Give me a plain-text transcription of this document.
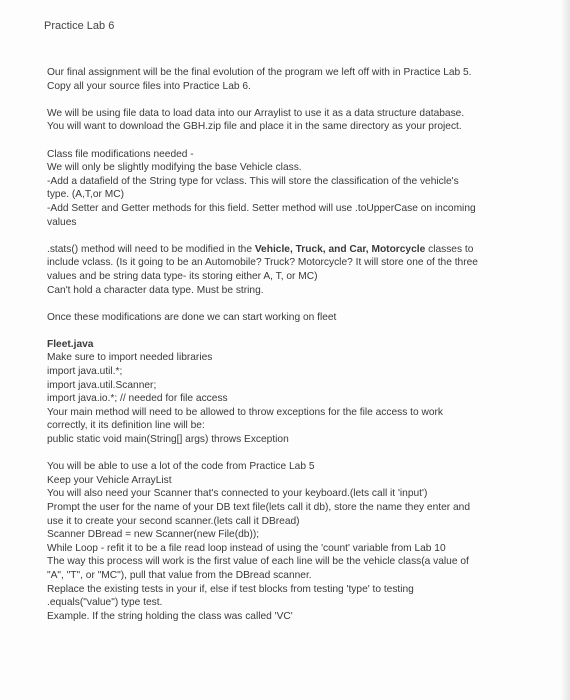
Practice Lab 6

Our final assignment will be the final evolution of the program we left off with in Practice Lab 5.
Copy all your source files into Practice Lab 6.

We will be using file data to load data into our Arraylist to use it as a data structure database.
You will want to download the GBH.zip file and place it in the same directory as your project.

Class file modifications needed -
We will only be slightly modifying the base Vehicle class.
-Add a datafield of the String type for vclass. This will store the classification of the vehicle's
type. (A,T,or MC)
-Add Setter and Getter methods for this field. Setter method will use .toUpperCase on incoming
values

.stats() method will need to be modified in the Vehicle, Truck, and Car, Motorcycle classes to
include vclass. (Is it going to be an Automobile? Truck? Motorcycle? It will store one of the three
values and be string data type- its storing either A, T, or MC)
Can't hold a character data type. Must be string.

Once these modifications are done we can start working on fleet

Fleet.java
Make sure to import needed libraries
import java.util.*;
import java.util.Scanner;
import java.io.*; // needed for file access
Your main method will need to be allowed to throw exceptions for the file access to work
correctly, it its definition line will be:
public static void main(String[] args) throws Exception

You will be able to use a lot of the code from Practice Lab 5
Keep your Vehicle ArrayList
You will also need your Scanner that's connected to your keyboard.(lets call it 'input')
Prompt the user for the name of your DB text file(lets call it db), store the name they enter and
use it to create your second scanner.(lets call it DBread)
Scanner DBread = new Scanner(new File(db));
While Loop - refit it to be a file read loop instead of using the 'count' variable from Lab 10
The way this process will work is the first value of each line will be the vehicle class(a value of
"A", "T", or "MC"), pull that value from the DBread scanner.
Replace the existing tests in your if, else if test blocks from testing 'type' to testing
.equals("value") type test.
Example. If the string holding the class was called 'VC'
